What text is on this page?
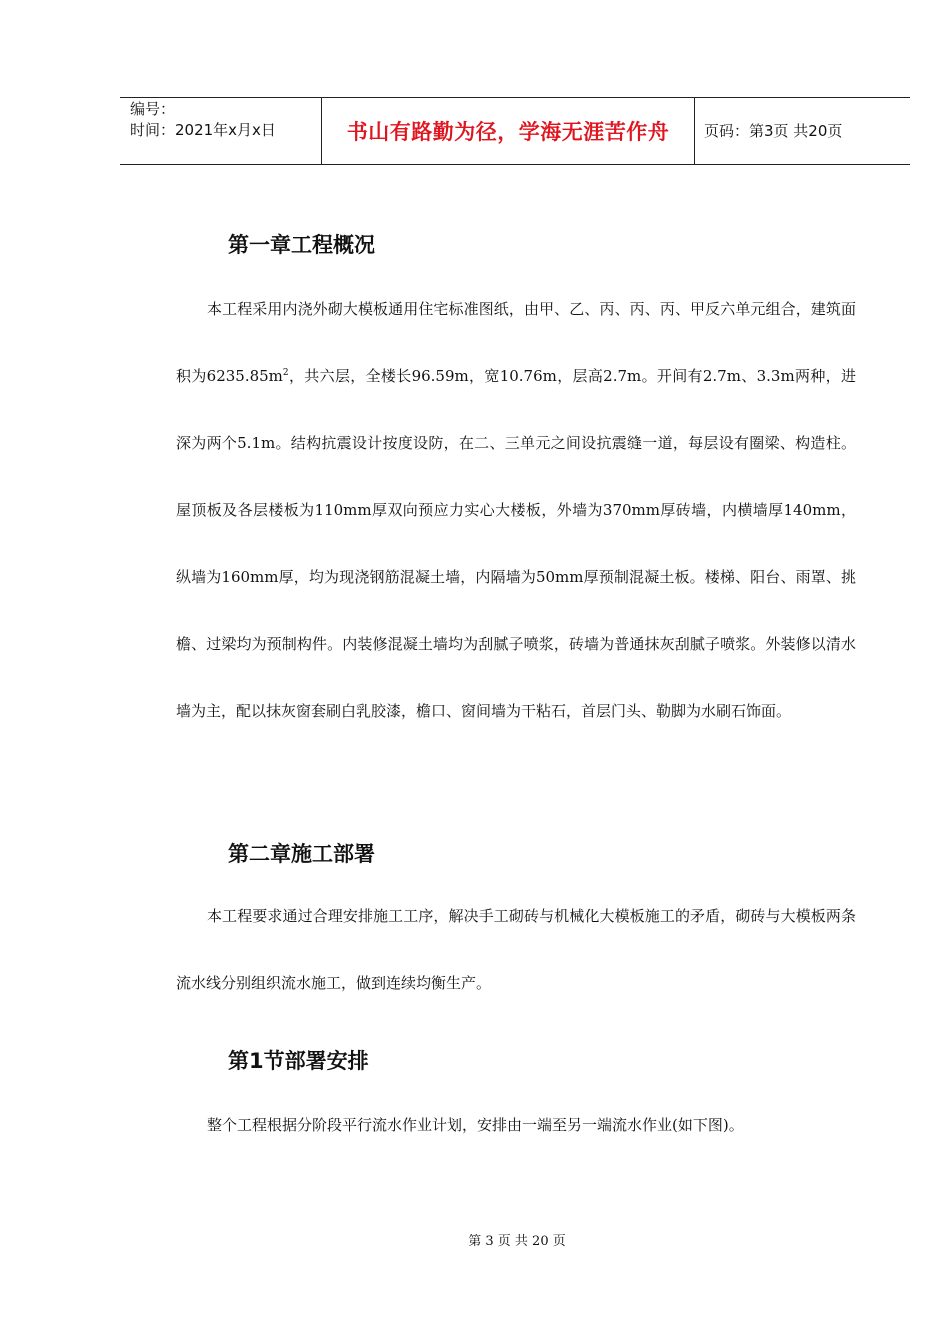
编号：
时间：2021年x月x日	书山有路勤为径，学海无涯苦作舟	页码：第3页 共20页
第一章工程概况
本工程采用内浇外砌大模板通用住宅标准图纸，由甲、乙、丙、丙、丙、甲反六单元组合，建筑面积为$6235.85m^2$，共六层，全楼长96.59m，宽10.76m，层高2.7m。开间有2.7m、3.3m两种，进深为两个5.1m。结构抗震设计按度设防，在二、三单元之间设抗震缝一道，每层设有圈梁、构造柱。屋顶板及各层楼板为110mm厚双向预应力实心大楼板，外墙为370mm厚砖墙，内横墙厚140mm，纵墙为160mm厚，均为现浇钢筋混凝土墙，内隔墙为50mm厚预制混凝土板。楼梯、阳台、雨罩、挑檐、过梁均为预制构件。内装修混凝土墙均为刮腻子喷浆，砖墙为普通抹灰刮腻子喷浆。外装修以清水墙为主，配以抹灰窗套刷白乳胶漆，檐口、窗间墙为干粘石，首层门头、勒脚为水刷石饰面。
第二章施工部署
本工程要求通过合理安排施工工序，解决手工砌砖与机械化大模板施工的矛盾，砌砖与大模板两条流水线分别组织流水施工，做到连续均衡生产。
第1节部署安排
整个工程根据分阶段平行流水作业计划，安排由一端至另一端流水作业(如下图)。
第 3 页 共 20 页
